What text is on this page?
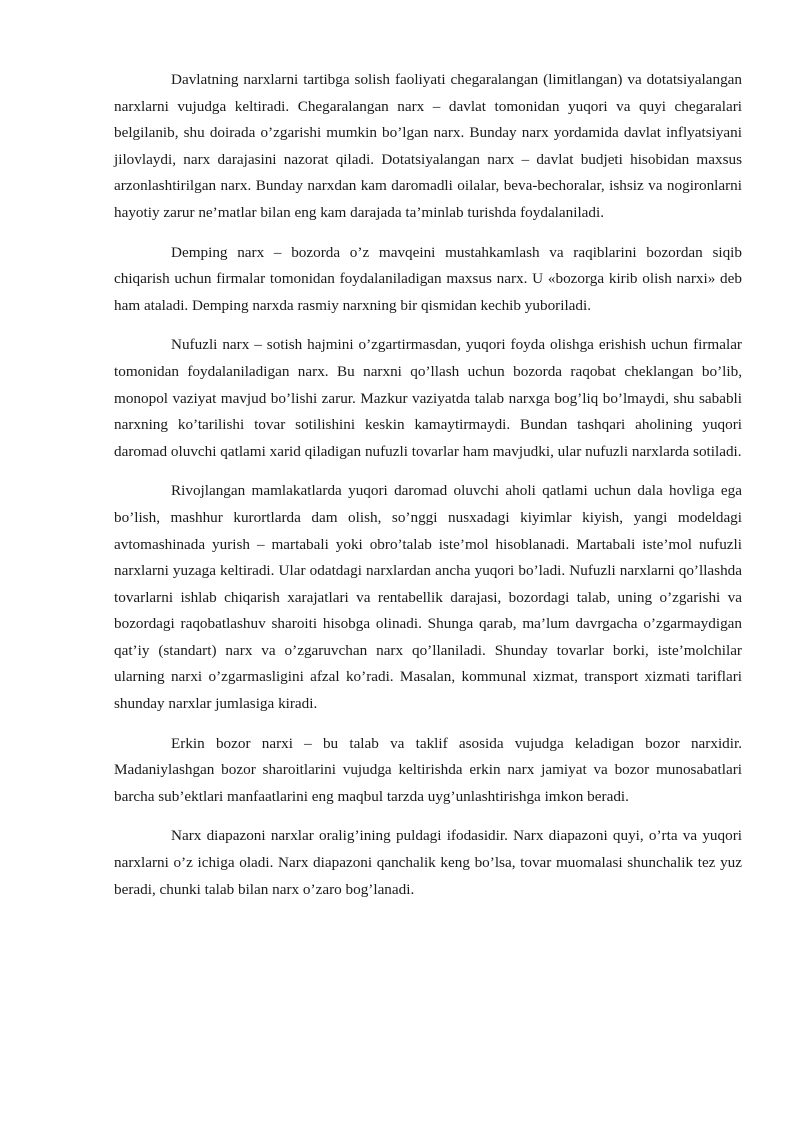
Davlatning narxlarni tartibga solish faoliyati chegaralangan (limitlangan) va dotatsiyalangan narxlarni vujudga keltiradi. Chegaralangan narx – davlat tomonidan yuqori va quyi chegaralari belgilanib, shu doirada o’zgarishi mumkin bo’lgan narx. Bunday narx yordamida davlat inflyatsiyani jilovlaydi, narx darajasini nazorat qiladi. Dotatsiyalangan narx – davlat budjeti hisobidan maxsus arzonlashtirilgan narx. Bunday narxdan kam daromadli oilalar, beva-bechoralar, ishsiz va nogironlarni hayotiy zarur ne’matlar bilan eng kam darajada ta’minlab turishda foydalaniladi.

Demping narx – bozorda o’z mavqeini mustahkamlash va raqiblarini bozordan siqib chiqarish uchun firmalar tomonidan foydalaniladigan maxsus narx. U «bozorga kirib olish narxi» deb ham ataladi. Demping narxda rasmiy narxning bir qismidan kechib yuboriladi.

Nufuzli narx – sotish hajmini o’zgartirmasdan, yuqori foyda olishga erishish uchun firmalar tomonidan foydalaniladigan narx. Bu narxni qo’llash uchun bozorda raqobat cheklangan bo’lib, monopol vaziyat mavjud bo’lishi zarur. Mazkur vaziyatda talab narxga bog’liq bo’lmaydi, shu sababli narxning ko’tarilishi tovar sotilishini keskin kamaytirmaydi. Bundan tashqari aholining yuqori daromad oluvchi qatlami xarid qiladigan nufuzli tovarlar ham mavjudki, ular nufuzli narxlarda sotiladi.

Rivojlangan mamlakatlarda yuqori daromad oluvchi aholi qatlami uchun dala hovliga ega bo’lish, mashhur kurortlarda dam olish, so’nggi nusxadagi kiyimlar kiyish, yangi modeldagi avtomashinada yurish – martabali yoki obro’talab iste’mol hisoblanadi. Martabali iste’mol nufuzli narxlarni yuzaga keltiradi. Ular odatdagi narxlardan ancha yuqori bo’ladi. Nufuzli narxlarni qo’llashda tovarlarni ishlab chiqarish xarajatlari va rentabellik darajasi, bozordagi talab, uning o’zgarishi va bozordagi raqobatlashuv sharoiti hisobga olinadi. Shunga qarab, ma’lum davrgacha o’zgarmaydigan qat’iy (standart) narx va o’zgaruvchan narx qo’llaniladi. Shunday tovarlar borki, iste’molchilar ularning narxi o’zgarmasligini afzal ko’radi. Masalan, kommunal xizmat, transport xizmati tariflari shunday narxlar jumlasiga kiradi.

Erkin bozor narxi – bu talab va taklif asosida vujudga keladigan bozor narxidir. Madaniylashgan bozor sharoitlarini vujudga keltirishda erkin narx jamiyat va bozor munosabatlari barcha sub’ektlari manfaatlarini eng maqbul tarzda uyg’unlashtirishga imkon beradi.

Narx diapazoni narxlar oralig’ining puldagi ifodasidir. Narx diapazoni quyi, o’rta va yuqori narxlarni o’z ichiga oladi. Narx diapazoni qanchalik keng bo’lsa, tovar muomalasi shunchalik tez yuz beradi, chunki talab bilan narx o’zaro bog’lanadi.
